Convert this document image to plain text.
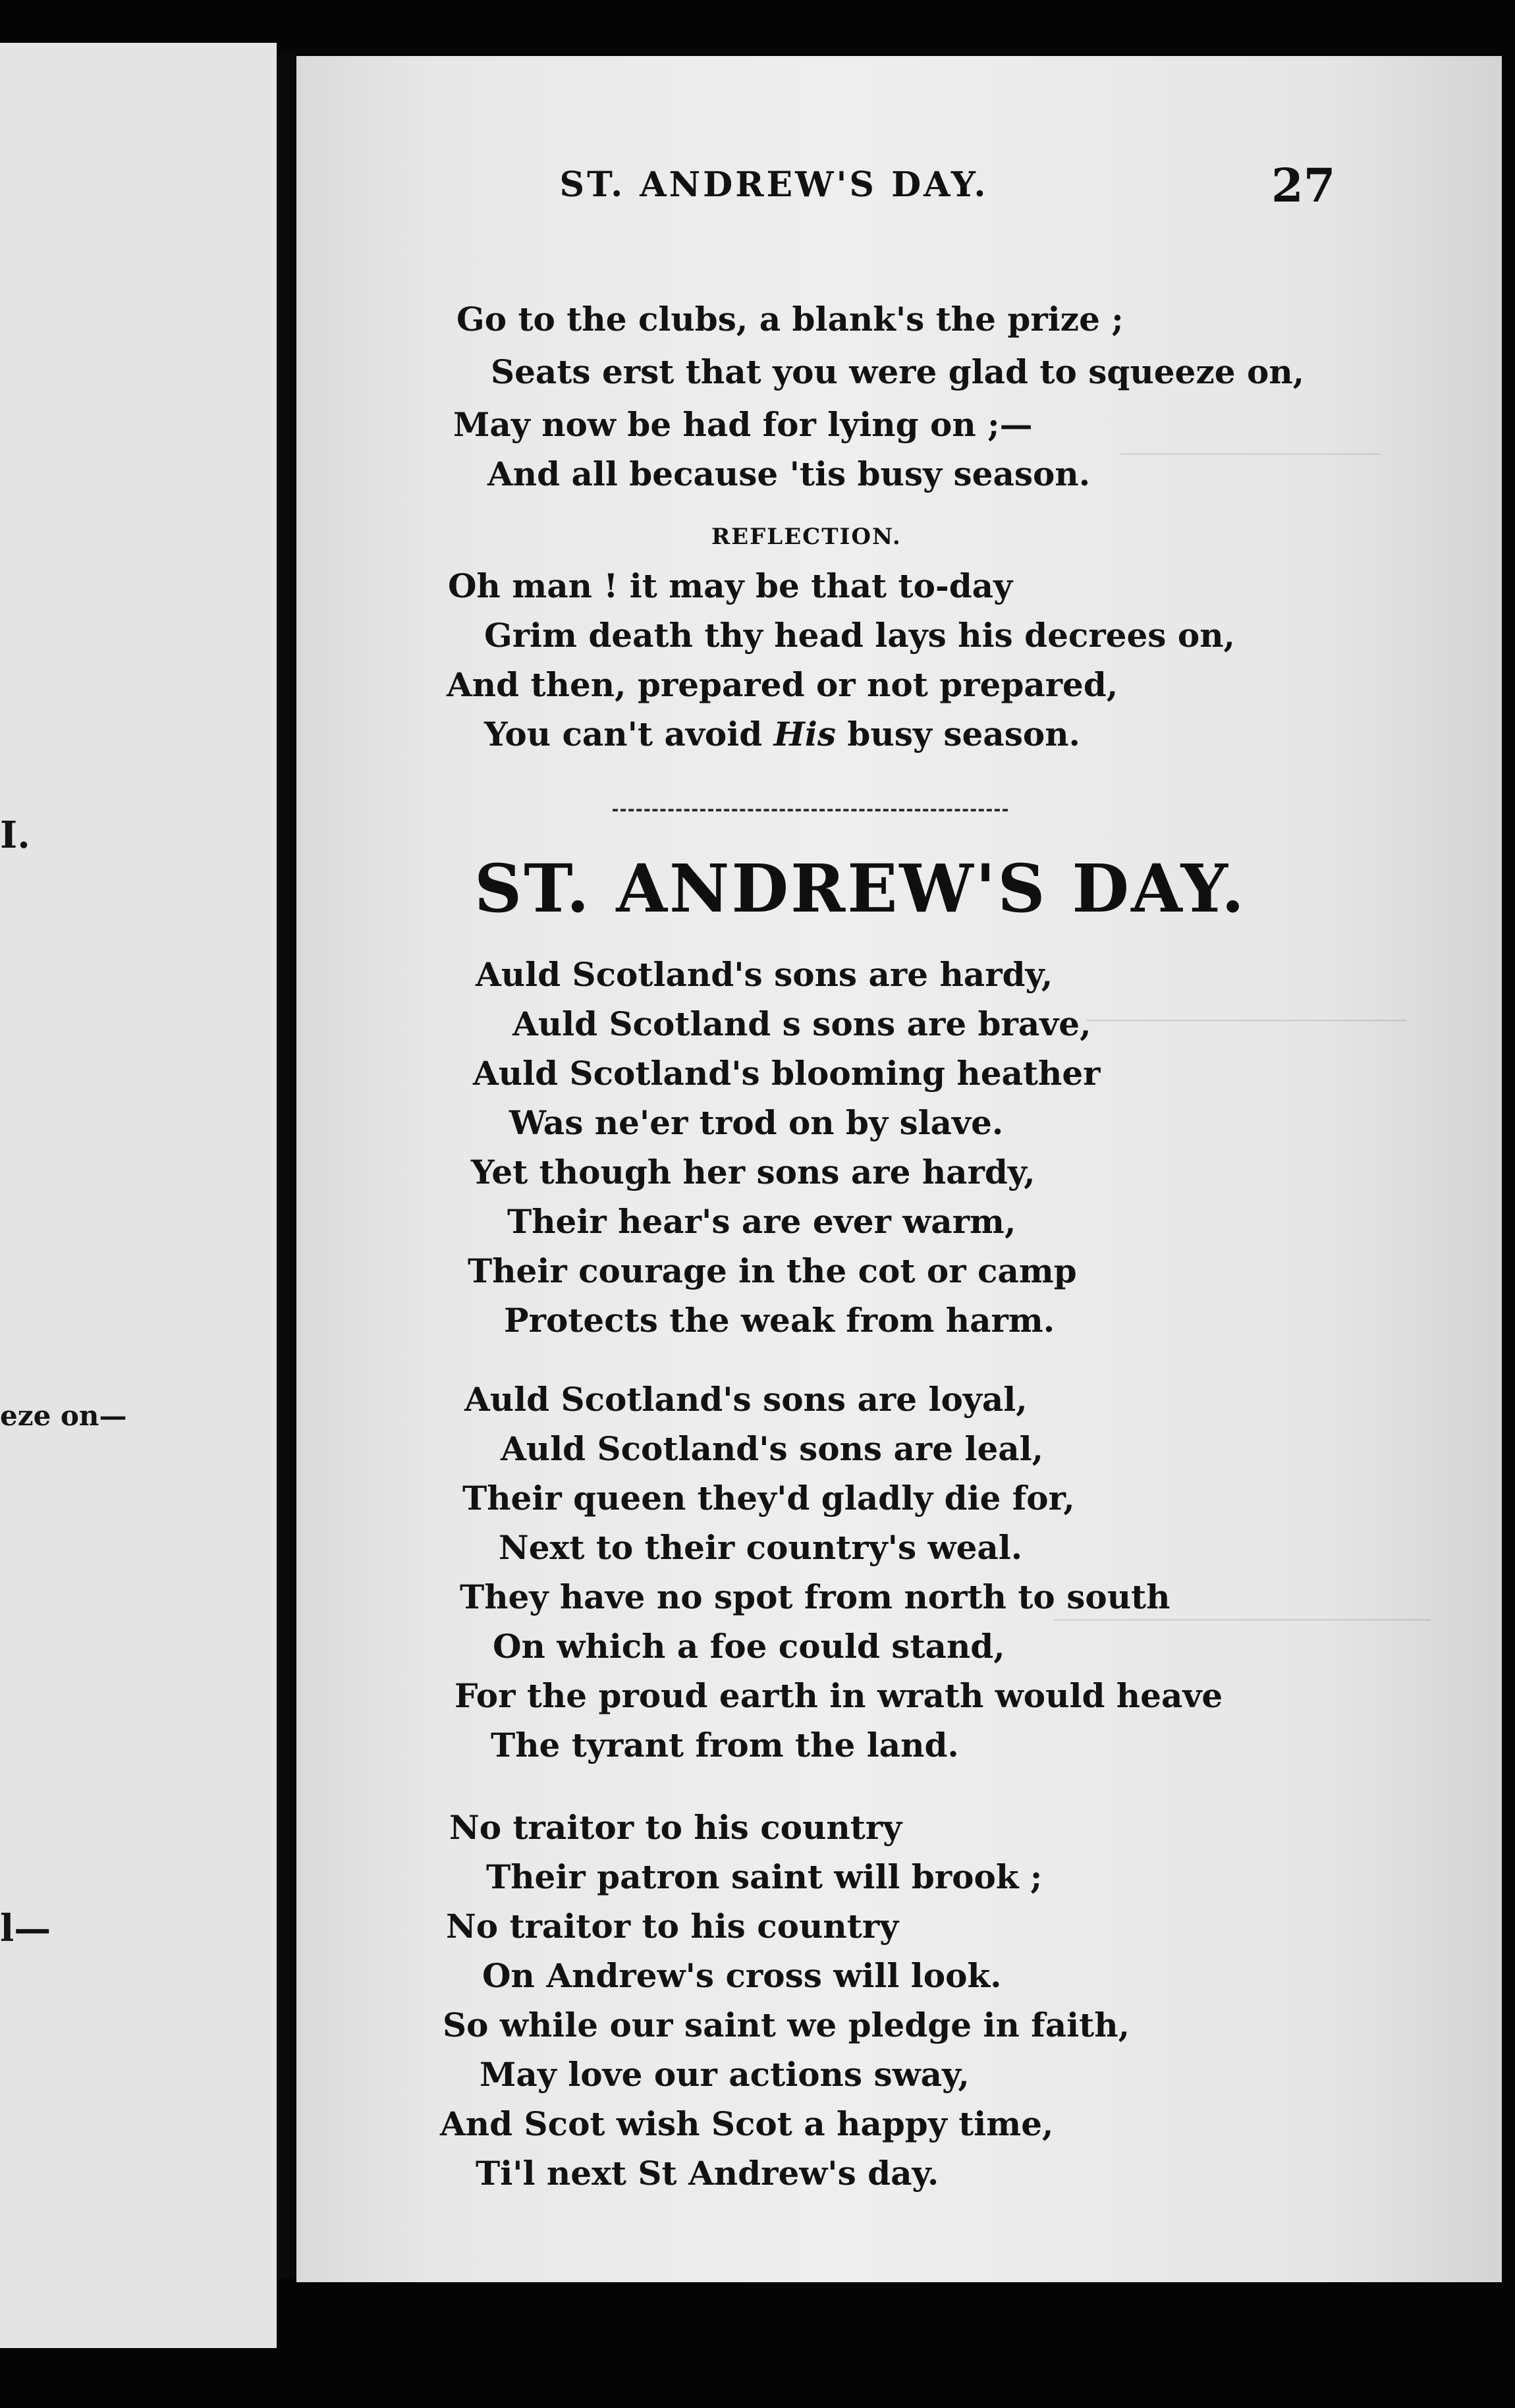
I.
eze on—
l—
―――――――――
―――――――――――
―――――――――――――
ST. ANDREW'S DAY.	27
Go to the clubs, a blank's the prize ;
Seats erst that you were glad to squeeze on,
May now be had for lying on ;—
And all because 'tis busy season.
REFLECTION.
Oh man ! it may be that to-day
Grim death thy head lays his decrees on,
And then, prepared or not prepared,
You can't avoid His busy season.
ST. ANDREW'S DAY.
Auld Scotland's sons are hardy,
Auld Scotland s sons are brave,
Auld Scotland's blooming heather
Was ne'er trod on by slave.
Yet though her sons are hardy,
Their hear's are ever warm,
Their courage in the cot or camp
Protects the weak from harm.
Auld Scotland's sons are loyal,
Auld Scotland's sons are leal,
Their queen they'd gladly die for,
Next to their country's weal.
They have no spot from north to south
On which a foe could stand,
For the proud earth in wrath would heave
The tyrant from the land.
No traitor to his country
Their patron saint will brook ;
No traitor to his country
On Andrew's cross will look.
So while our saint we pledge in faith,
May love our actions sway,
And Scot wish Scot a happy time,
Ti'l next St Andrew's day.
